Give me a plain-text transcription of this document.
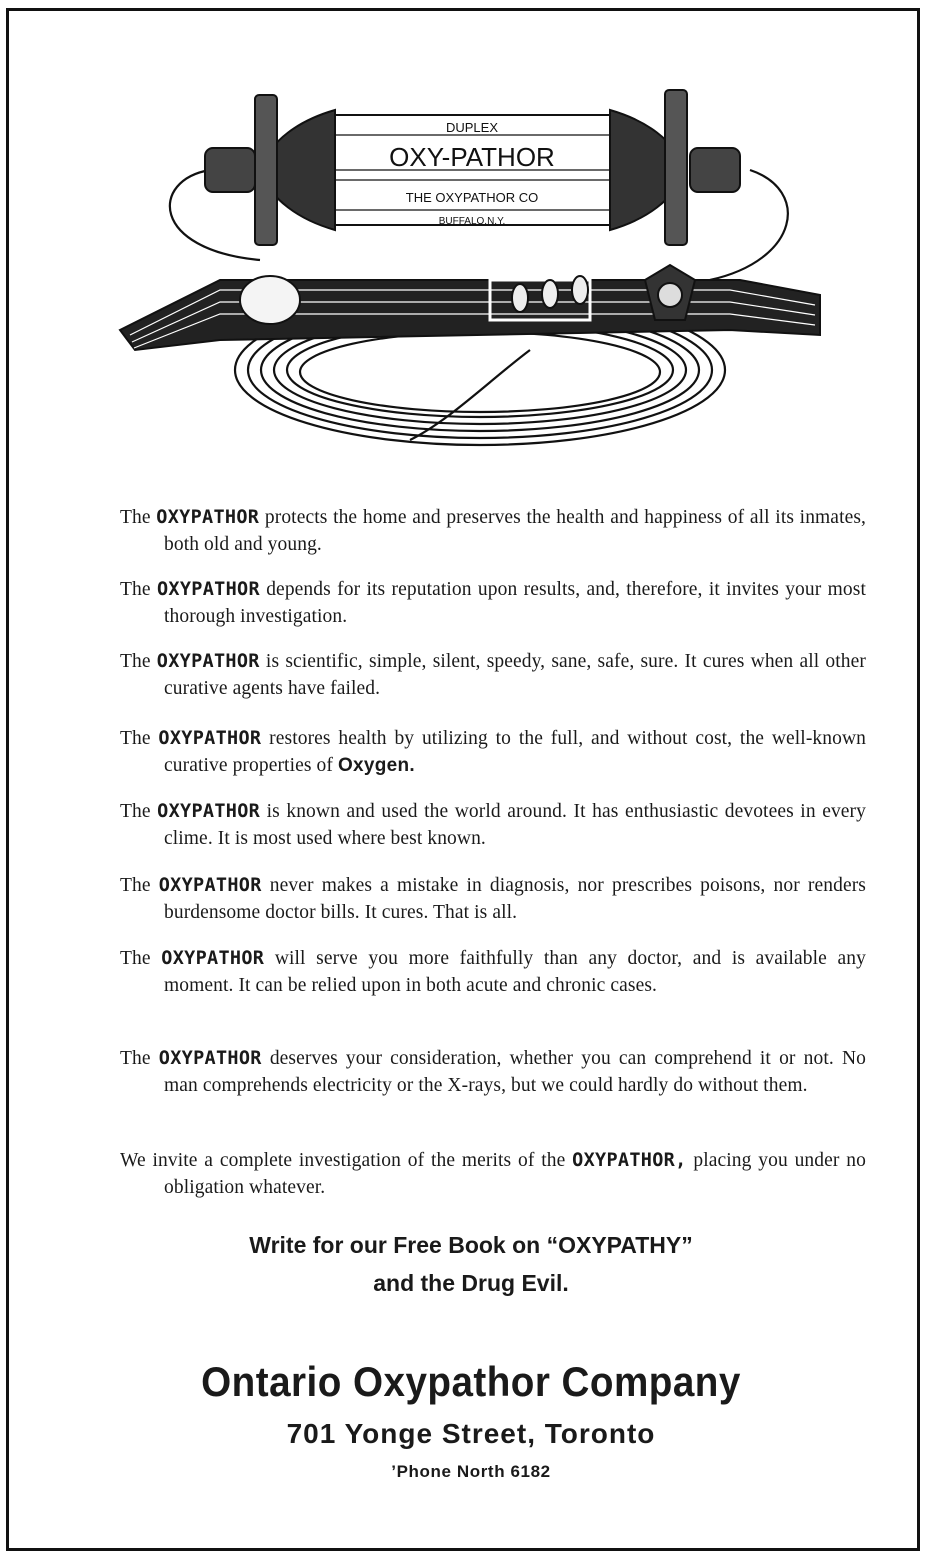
DUPLEX
OXY-PATHOR
THE OXYPATHOR CO
BUFFALO.N.Y.
The OXYPATHOR protects the home and preserves the health and happiness of all its inmates, both old and young.
The OXYPATHOR depends for its reputation upon results, and, therefore, it invites your most thorough investigation.
The OXYPATHOR is scientific, simple, silent, speedy, sane, safe, sure. It cures when all other curative agents have failed.
The OXYPATHOR restores health by utilizing to the full, and without cost, the well-known curative properties of Oxygen.
The OXYPATHOR is known and used the world around. It has enthusiastic devotees in every clime. It is most used where best known.
The OXYPATHOR never makes a mistake in diagnosis, nor prescribes poisons, nor renders burdensome doctor bills. It cures. That is all.
The OXYPATHOR will serve you more faithfully than any doctor, and is available any moment. It can be relied upon in both acute and chronic cases.
The OXYPATHOR deserves your consideration, whether you can comprehend it or not. No man comprehends electricity or the X-rays, but we could hardly do without them.
We invite a complete investigation of the merits of the OXYPATHOR, placing you under no obligation whatever.
Write for our Free Book on “OXYPATHY”
and the Drug Evil.
Ontario Oxypathor Company
701 Yonge Street, Toronto
’Phone North 6182
